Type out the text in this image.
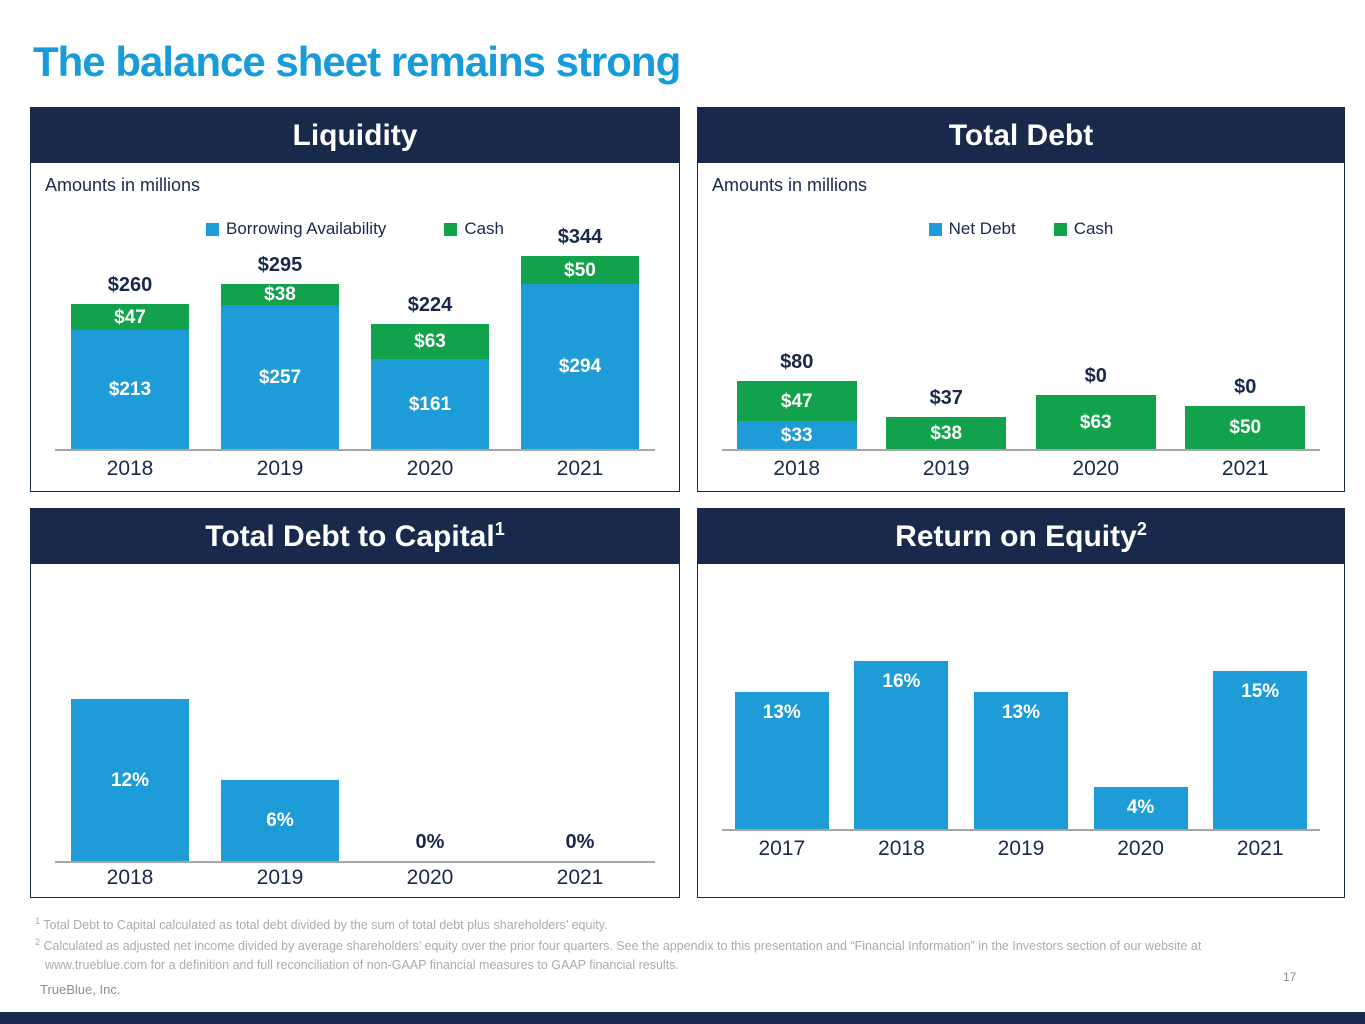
The balance sheet remains strong
Liquidity
Amounts in millions
Borrowing Availability	Cash
$260
$47
$213
$295
$38
$257
$224
$63
$161
$344
$50
$294
2018	2019	2020	2021
Total Debt
Amounts in millions
Net Debt	Cash
$80
$47
$33
$37
$38
$0
$63
$0
$50
2018	2019	2020	2021
Total Debt to Capital$^1$
12%
6%
0%	0%
2018	2019	2020	2021
Return on Equity$^2$
13%
16%
13%
4%
15%
2017	2018	2019	2020	2021

$^1$ Total Debt to Capital calculated as total debt divided by the sum of total debt plus shareholders’ equity.

$^2$ Calculated as adjusted net income divided by average shareholders’ equity over the prior four quarters. See the appendix to this presentation and “Financial Information” in the Investors section of our website at www.trueblue.com for a definition and full reconciliation of non-GAAP financial measures to GAAP financial results.

TrueBlue, Inc.
17
